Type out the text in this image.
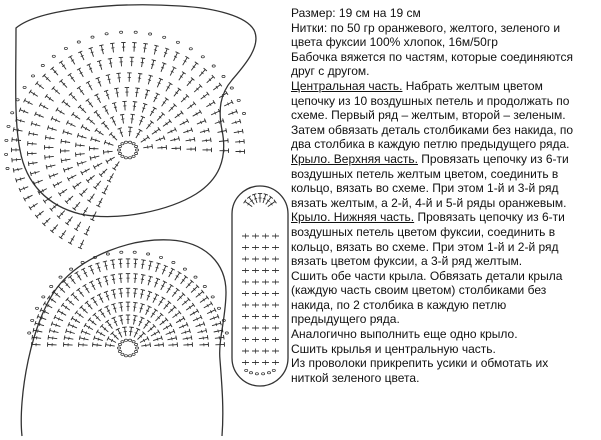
Размер: 19 см на 19 см
Нитки: по 50 гр оранжевого, желтого, зеленого и
цвета фуксии 100% хлопок, 16м/50гр
Бабочка вяжется по частям, которые соединяются
друг с другом.
Центральная часть. Набрать желтым цветом
цепочку из 10 воздушных петель и продолжать по
схеме. Первый ряд – желтым, второй – зеленым.
Затем обвязать деталь столбиками без накида, по
два столбика в каждую петлю предыдущего ряда.
Крыло. Верхняя часть. Провязать цепочку из 6-ти
воздушных петель желтым цветом, соединить в
кольцо, вязать во схеме. При этом 1-й и 3-й ряд
вязать желтым, а 2-й, 4-й и 5-й ряды оранжевым.
Крыло. Нижняя часть. Провязать цепочку из 6-ти
воздушных петель цветом фуксии, соединить в
кольцо, вязать во схеме. При этом 1-й и 2-й ряд
вязать цветом фуксии, а 3-й ряд желтым.
Сшить обе части крыла. Обвязать детали крыла
(каждую часть своим цветом) столбиками без
накида, по 2 столбика в каждую петлю
предыдущего ряда.
Аналогично выполнить еще одно крыло.
Сшить крылья и центральную часть.
Из проволоки прикрепить усики и обмотать их
ниткой зеленого цвета.
